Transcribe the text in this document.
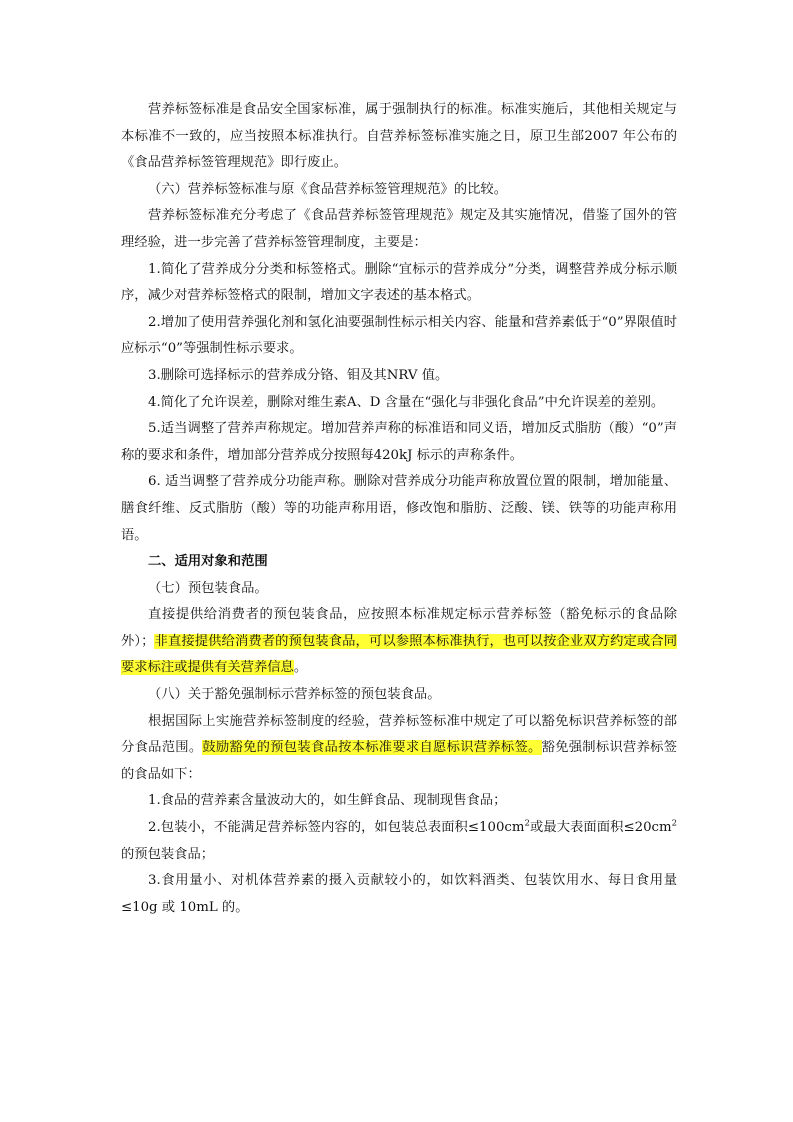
营养标签标准是食品安全国家标准，属于强制执行的标准。标准实施后，其他相关规定与本标准不一致的，应当按照本标准执行。自营养标签标准实施之日，原卫生部2007 年公布的《食品营养标签管理规范》即行废止。

（六）营养标签标准与原《食品营养标签管理规范》的比较。

营养标签标准充分考虑了《食品营养标签管理规范》规定及其实施情况，借鉴了国外的管理经验，进一步完善了营养标签管理制度，主要是：

1.简化了营养成分分类和标签格式。删除“宜标示的营养成分”分类，调整营养成分标示顺序，减少对营养标签格式的限制，增加文字表述的基本格式。

2.增加了使用营养强化剂和氢化油要强制性标示相关内容、能量和营养素低于“0”界限值时应标示“0”等强制性标示要求。

3.删除可选择标示的营养成分铬、钼及其NRV 值。

4.简化了允许误差，删除对维生素A、D 含量在“强化与非强化食品”中允许误差的差别。

5.适当调整了营养声称规定。增加营养声称的标准语和同义语，增加反式脂肪（酸）“0”声称的要求和条件，增加部分营养成分按照每420kJ 标示的声称条件。

6. 适当调整了营养成分功能声称。删除对营养成分功能声称放置位置的限制，增加能量、膳食纤维、反式脂肪（酸）等的功能声称用语，修改饱和脂肪、泛酸、镁、铁等的功能声称用语。

二、适用对象和范围

（七）预包装食品。

直接提供给消费者的预包装食品，应按照本标准规定标示营养标签（豁免标示的食品除外）；非直接提供给消费者的预包装食品，可以参照本标准执行，也可以按企业双方约定或合同要求标注或提供有关营养信息。

（八）关于豁免强制标示营养标签的预包装食品。

根据国际上实施营养标签制度的经验，营养标签标准中规定了可以豁免标识营养标签的部分食品范围。鼓励豁免的预包装食品按本标准要求自愿标识营养标签。豁免强制标识营养标签的食品如下：

1.食品的营养素含量波动大的，如生鲜食品、现制现售食品；

2.包装小，不能满足营养标签内容的，如包装总表面积$\le 100cm^2$或最大表面面积$\le 20cm^2$的预包装食品；

3.食用量小、对机体营养素的摄入贡献较小的，如饮料酒类、包装饮用水、每日食用量≤10g 或 10mL 的。
